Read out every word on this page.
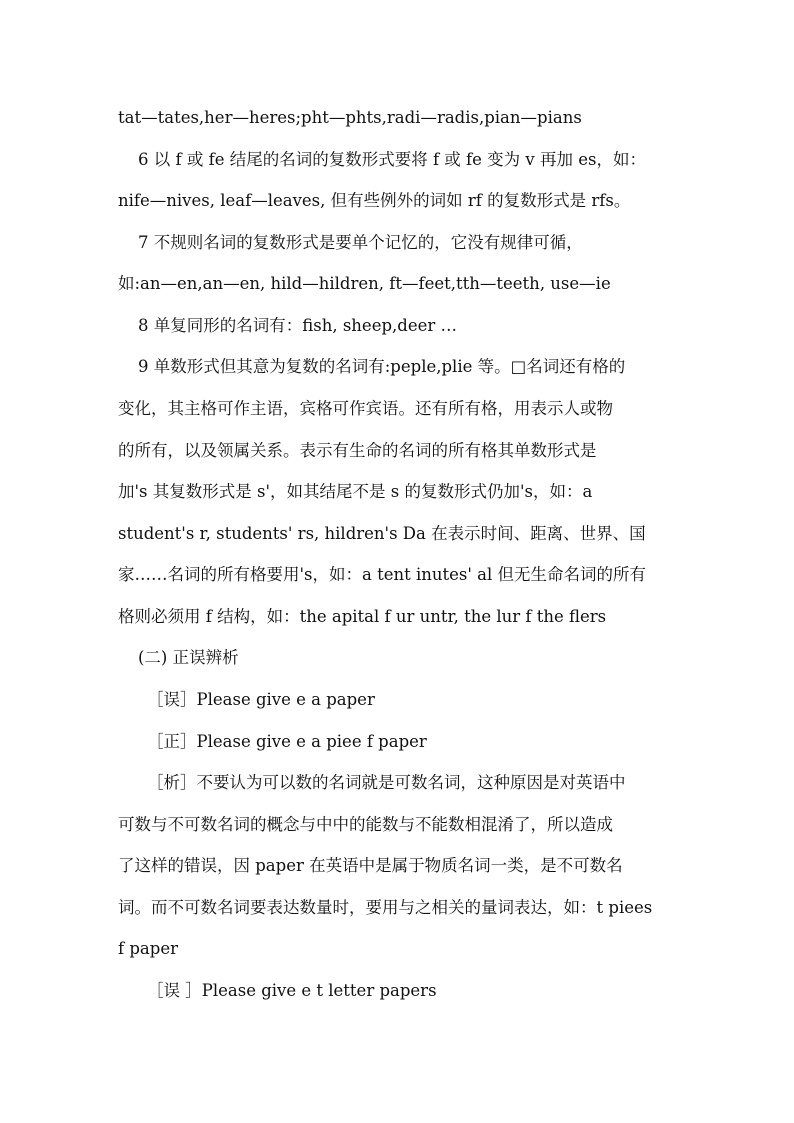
tat—tates,her—heres;pht—phts,radi—radis,pian—pians
6 以 f 或 fe 结尾的名词的复数形式要将 f 或 fe 变为 v 再加 es，如：
nife—nives, leaf—leaves, 但有些例外的词如 rf 的复数形式是 rfs。
7 不规则名词的复数形式是要单个记忆的，它没有规律可循，
如:an—en,an—en, hild—hildren, ft—feet,tth—teeth, use—ie
8 单复同形的名词有：fish, sheep,deer …
9 单数形式但其意为复数的名词有:peple,plie 等。□名词还有格的
变化，其主格可作主语，宾格可作宾语。还有所有格，用表示人或物
的所有，以及领属关系。表示有生命的名词的所有格其单数形式是
加's 其复数形式是 s'，如其结尾不是 s 的复数形式仍加's，如：a
student's r, students' rs, hildren's Da 在表示时间、距离、世界、国
家……名词的所有格要用's，如：a tent inutes' al 但无生命名词的所有
格则必须用 f 结构，如：the apital f ur untr, the lur f the flers
(二) 正误辨析
［误］Please give e a paper
［正］Please give e a piee f paper
［析］不要认为可以数的名词就是可数名词，这种原因是对英语中
可数与不可数名词的概念与中中的能数与不能数相混淆了，所以造成
了这样的错误，因 paper 在英语中是属于物质名词一类，是不可数名
词。而不可数名词要表达数量时，要用与之相关的量词表达，如：t piees
f paper
［误 ］Please give e t letter papers
